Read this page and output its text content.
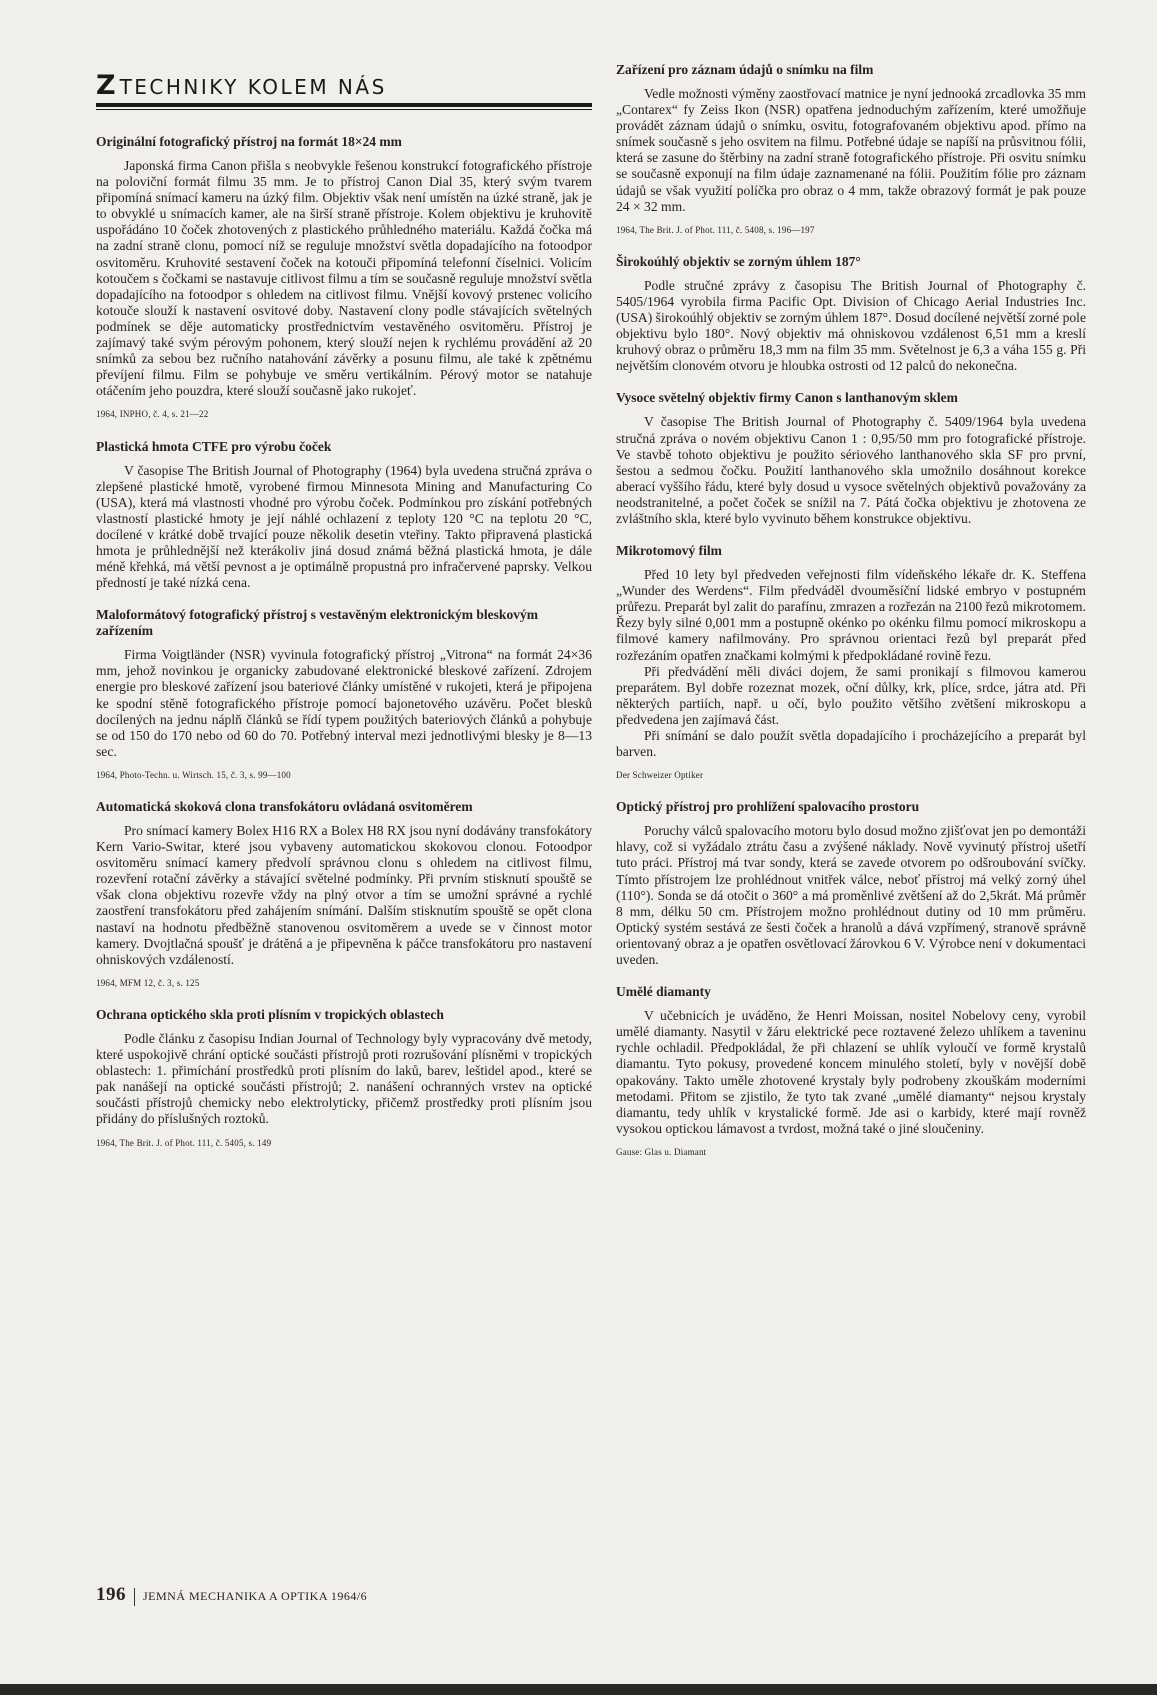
Z TECHNIKY KOLEM NÁS
Originální fotografický přístroj na formát 18×24 mm

Japonská firma Canon přišla s neobvykle řešenou konstrukcí fotografického přístroje na poloviční formát filmu 35 mm. Je to přístroj Canon Dial 35, který svým tvarem připomíná snímací kameru na úzký film. Objektiv však není umístěn na úzké straně, jak je to obvyklé u snímacích kamer, ale na širší straně přístroje. Kolem objektivu je kruhovitě uspořádáno 10 čoček zhotovených z plastického průhledného materiálu. Každá čočka má na zadní straně clonu, pomocí níž se reguluje množství světla dopadajícího na fotoodpor osvitoměru. Kruhovité sestavení čoček na kotouči připomíná telefonní číselnici. Volicím kotoučem s čočkami se nastavuje citlivost filmu a tím se současně reguluje množství světla dopadajícího na fotoodpor s ohledem na citlivost filmu. Vnější kovový prstenec volicího kotouče slouží k nastavení osvitové doby. Nastavení clony podle stávajících světelných podmínek se děje automaticky prostřednictvím vestavěného osvitoměru. Přístroj je zajímavý také svým pérovým pohonem, který slouží nejen k rychlému provádění až 20 snímků za sebou bez ručního natahování závěrky a posunu filmu, ale také k zpětnému převíjení filmu. Film se pohybuje ve směru vertikálním. Pérový motor se natahuje otáčením jeho pouzdra, které slouží současně jako rukojeť.

1964, INPHO, č. 4, s. 21—22

Plastická hmota CTFE pro výrobu čoček

V časopise The British Journal of Photography (1964) byla uvedena stručná zpráva o zlepšené plastické hmotě, vyrobené firmou Minnesota Mining and Manufacturing Co (USA), která má vlastnosti vhodné pro výrobu čoček. Podmínkou pro získání potřebných vlastností plastické hmoty je její náhlé ochlazení z teploty 120 °C na teplotu 20 °C, docílené v krátké době trvající pouze několik desetin vteřiny. Takto připravená plastická hmota je průhlednější než kterákoliv jiná dosud známá běžná plastická hmota, je dále méně křehká, má větší pevnost a je optimálně propustná pro infračervené paprsky. Velkou předností je také nízká cena.

Maloformátový fotografický přístroj s vestavěným elektronickým bleskovým zařízením

Firma Voigtländer (NSR) vyvinula fotografický přístroj „Vitrona“ na formát 24×36 mm, jehož novinkou je organicky zabudované elektronické bleskové zařízení. Zdrojem energie pro bleskové zařízení jsou bateriové články umístěné v rukojeti, která je připojena ke spodní stěně fotografického přístroje pomocí bajonetového uzávěru. Počet blesků docílených na jednu náplň článků se řídí typem použitých bateriových článků a pohybuje se od 150 do 170 nebo od 60 do 70. Potřebný interval mezi jednotlivými blesky je 8—13 sec.

1964, Photo-Techn. u. Wirtsch. 15, č. 3, s. 99—100

Automatická skoková clona transfokátoru ovládaná osvitoměrem

Pro snímací kamery Bolex H16 RX a Bolex H8 RX jsou nyní dodávány transfokátory Kern Vario-Switar, které jsou vybaveny automatickou skokovou clonou. Fotoodpor osvitoměru snímací kamery předvolí správnou clonu s ohledem na citlivost filmu, rozevření rotační závěrky a stávající světelné podmínky. Při prvním stisknutí spouště se však clona objektivu rozevře vždy na plný otvor a tím se umožní správné a rychlé zaostření transfokátoru před zahájením snímání. Dalším stisknutím spouště se opět clona nastaví na hodnotu předběžně stanovenou osvitoměrem a uvede se v činnost motor kamery. Dvojtlačná spoušť je drátěná a je připevněna k páčce transfokátoru pro nastavení ohniskových vzdáleností.

1964, MFM 12, č. 3, s. 125

Ochrana optického skla proti plísním v tropických oblastech

Podle článku z časopisu Indian Journal of Technology byly vypracovány dvě metody, které uspokojivě chrání optické součásti přístrojů proti rozrušování plísněmi v tropických oblastech: 1. přimíchání prostředků proti plísním do laků, barev, leštidel apod., které se pak nanášejí na optické součásti přístrojů; 2. nanášení ochranných vrstev na optické součásti přístrojů chemicky nebo elektrolyticky, přičemž prostředky proti plísním jsou přidány do příslušných roztoků.

1964, The Brit. J. of Phot. 111, č. 5405, s. 149

Zařízení pro záznam údajů o snímku na film

Vedle možnosti výměny zaostřovací matnice je nyní jednooká zrcadlovka 35 mm „Contarex“ fy Zeiss Ikon (NSR) opatřena jednoduchým zařízením, které umožňuje provádět záznam údajů o snímku, osvitu, fotografovaném objektivu apod. přímo na snímek současně s jeho osvitem na filmu. Potřebné údaje se napíší na průsvitnou fólii, která se zasune do štěrbiny na zadní straně fotografického přístroje. Při osvitu snímku se současně exponují na film údaje zaznamenané na fólii. Použitím fólie pro záznam údajů se však využití políčka pro obraz o 4 mm, takže obrazový formát je pak pouze 24 × 32 mm.

1964, The Brit. J. of Phot. 111, č. 5408, s. 196—197

Širokoúhlý objektiv se zorným úhlem 187°

Podle stručné zprávy z časopisu The British Journal of Photography č. 5405/1964 vyrobila firma Pacific Opt. Division of Chicago Aerial Industries Inc. (USA) širokoúhlý objektiv se zorným úhlem 187°. Dosud docílené největší zorné pole objektivu bylo 180°. Nový objektiv má ohniskovou vzdálenost 6,51 mm a kreslí kruhový obraz o průměru 18,3 mm na film 35 mm. Světelnost je 6,3 a váha 155 g. Při největším clonovém otvoru je hloubka ostrosti od 12 palců do nekonečna.

Vysoce světelný objektiv firmy Canon s lanthanovým sklem

V časopise The British Journal of Photography č. 5409/1964 byla uvedena stručná zpráva o novém objektivu Canon 1 : 0,95/50 mm pro fotografické přístroje. Ve stavbě tohoto objektivu je použito sériového lanthanového skla SF pro první, šestou a sedmou čočku. Použití lanthanového skla umožnilo dosáhnout korekce aberací vyššího řádu, které byly dosud u vysoce světelných objektivů považovány za neodstranitelné, a počet čoček se snížil na 7. Pátá čočka objektivu je zhotovena ze zvláštního skla, které bylo vyvinuto během konstrukce objektivu.

Mikrotomový film

Před 10 lety byl předveden veřejnosti film vídeňského lékaře dr. K. Steffena „Wunder des Werdens“. Film předváděl dvouměsíční lidské embryo v postupném průřezu. Preparát byl zalit do parafínu, zmrazen a rozřezán na 2100 řezů mikrotomem. Řezy byly silné 0,001 mm a postupně okénko po okénku filmu pomocí mikroskopu a filmové kamery nafilmovány. Pro správnou orientaci řezů byl preparát před rozřezáním opatřen značkami kolmými k předpokládané rovině řezu.

Při předvádění měli diváci dojem, že sami pronikají s filmovou kamerou preparátem. Byl dobře rozeznat mozek, oční důlky, krk, plíce, srdce, játra atd. Při některých partiích, např. u očí, bylo použito většího zvětšení mikroskopu a předvedena jen zajímavá část.

Při snímání se dalo použít světla dopadajícího i procházejícího a preparát byl barven.

Der Schweizer Optiker

Optický přístroj pro prohlížení spalovacího prostoru

Poruchy válců spalovacího motoru bylo dosud možno zjišťovat jen po demontáži hlavy, což si vyžádalo ztrátu času a zvýšené náklady. Nově vyvinutý přístroj ušetří tuto práci. Přístroj má tvar sondy, která se zavede otvorem po odšroubování svíčky. Tímto přístrojem lze prohlédnout vnitřek válce, neboť přístroj má velký zorný úhel (110°). Sonda se dá otočit o 360° a má proměnlivé zvětšení až do 2,5krát. Má průměr 8 mm, délku 50 cm. Přístrojem možno prohlédnout dutiny od 10 mm průměru. Optický systém sestává ze šesti čoček a hranolů a dává vzpřímený, stranově správně orientovaný obraz a je opatřen osvětlovací žárovkou 6 V. Výrobce není v dokumentaci uveden.

Umělé diamanty

V učebnicích je uváděno, že Henri Moissan, nositel Nobelovy ceny, vyrobil umělé diamanty. Nasytil v žáru elektrické pece roztavené železo uhlíkem a taveninu rychle ochladil. Předpokládal, že při chlazení se uhlík vyloučí ve formě krystalů diamantu. Tyto pokusy, provedené koncem minulého století, byly v novější době opakovány. Takto uměle zhotovené krystaly byly podrobeny zkouškám moderními metodami. Přitom se zjistilo, že tyto tak zvané „umělé diamanty“ nejsou krystaly diamantu, tedy uhlík v krystalické formě. Jde asi o karbidy, které mají rovněž vysokou optickou lámavost a tvrdost, možná také o jiné sloučeniny.

Gause: Glas u. Diamant

196 JEMNÁ MECHANIKA A OPTIKA 1964/6
